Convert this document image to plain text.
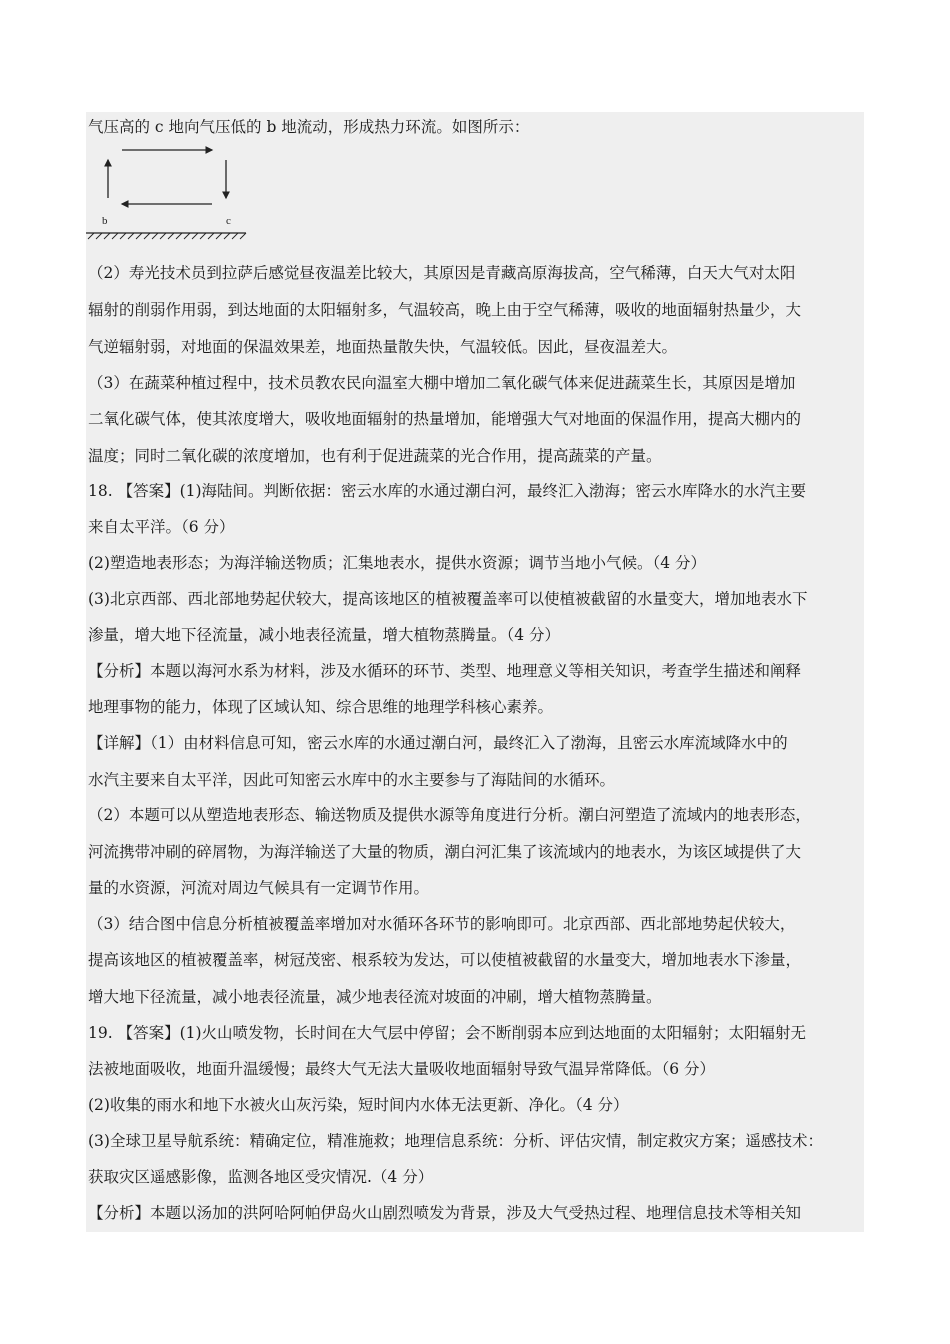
气压高的 c 地向气压低的 b 地流动，形成热力环流。如图所示：
b	c
（2）寿光技术员到拉萨后感觉昼夜温差比较大，其原因是青藏高原海拔高，空气稀薄，白天大气对太阳
辐射的削弱作用弱，到达地面的太阳辐射多，气温较高，晚上由于空气稀薄，吸收的地面辐射热量少，大
气逆辐射弱，对地面的保温效果差，地面热量散失快，气温较低。因此，昼夜温差大。
（3）在蔬菜种植过程中，技术员教农民向温室大棚中增加二氧化碳气体来促进蔬菜生长，其原因是增加
二氧化碳气体，使其浓度增大，吸收地面辐射的热量增加，能增强大气对地面的保温作用，提高大棚内的
温度；同时二氧化碳的浓度增加，也有利于促进蔬菜的光合作用，提高蔬菜的产量。
18. 【答案】(1)海陆间。判断依据：密云水库的水通过潮白河，最终汇入渤海；密云水库降水的水汽主要
来自太平洋。（6 分）
(2)塑造地表形态；为海洋输送物质；汇集地表水，提供水资源；调节当地小气候。（4 分）
(3)北京西部、西北部地势起伏较大，提高该地区的植被覆盖率可以使植被截留的水量变大，增加地表水下
渗量，增大地下径流量，减小地表径流量，增大植物蒸腾量。（4 分）
【分析】本题以海河水系为材料，涉及水循环的环节、类型、地理意义等相关知识，考查学生描述和阐释
地理事物的能力，体现了区域认知、综合思维的地理学科核心素养。
【详解】（1）由材料信息可知，密云水库的水通过潮白河，最终汇入了渤海，且密云水库流域降水中的
水汽主要来自太平洋，因此可知密云水库中的水主要参与了海陆间的水循环。
（2）本题可以从塑造地表形态、输送物质及提供水源等角度进行分析。潮白河塑造了流域内的地表形态，
河流携带冲刷的碎屑物，为海洋输送了大量的物质，潮白河汇集了该流域内的地表水，为该区域提供了大
量的水资源，河流对周边气候具有一定调节作用。
（3）结合图中信息分析植被覆盖率增加对水循环各环节的影响即可。北京西部、西北部地势起伏较大，
提高该地区的植被覆盖率，树冠茂密、根系较为发达，可以使植被截留的水量变大，增加地表水下渗量，
增大地下径流量，减小地表径流量，减少地表径流对坡面的冲刷，增大植物蒸腾量。
19. 【答案】(1)火山喷发物，长时间在大气层中停留；会不断削弱本应到达地面的太阳辐射；太阳辐射无
法被地面吸收，地面升温缓慢；最终大气无法大量吸收地面辐射导致气温异常降低。（6 分）
(2)收集的雨水和地下水被火山灰污染，短时间内水体无法更新、净化。（4 分）
(3)全球卫星导航系统：精确定位，精准施救；地理信息系统：分析、评估灾情，制定救灾方案；遥感技术：
获取灾区遥感影像，监测各地区受灾情况.（4 分）
【分析】本题以汤加的洪阿哈阿帕伊岛火山剧烈喷发为背景，涉及大气受热过程、地理信息技术等相关知
